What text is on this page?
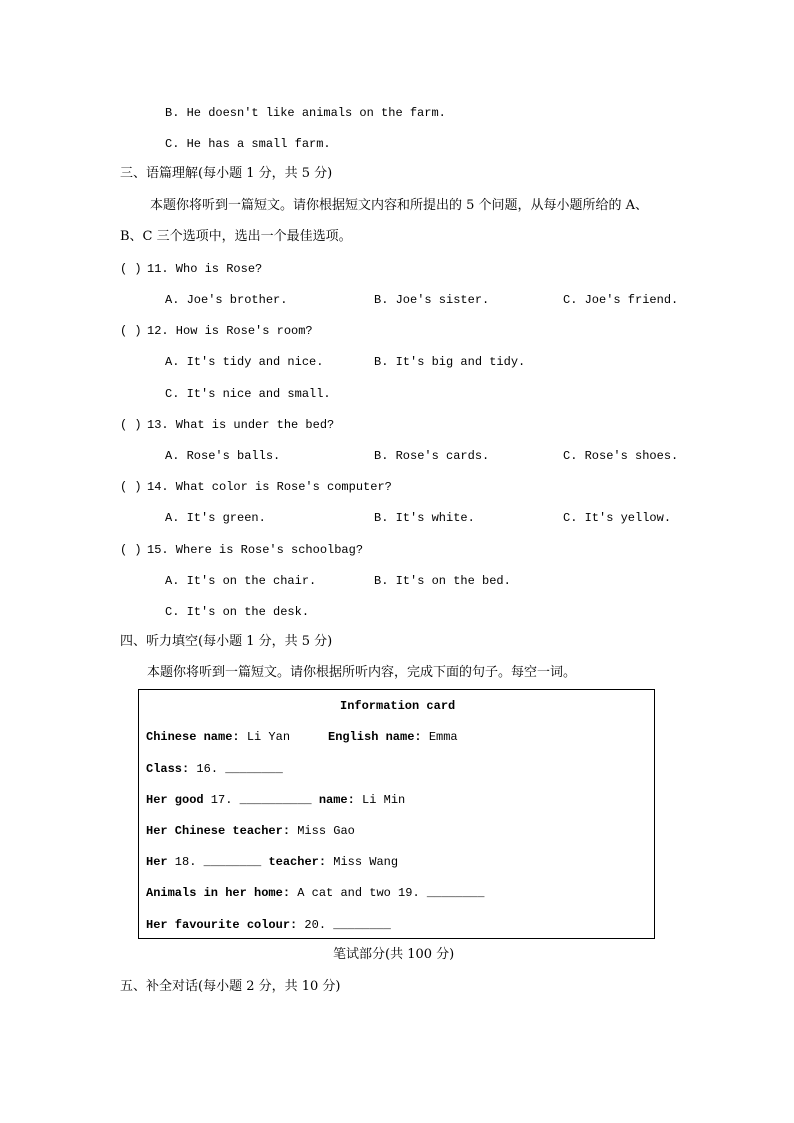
B. He doesn't like animals on the farm.
C. He has a small farm.
三、语篇理解(每小题 1 分，共 5 分)
本题你将听到一篇短文。请你根据短文内容和所提出的 5 个问题，从每小题所给的 A、
B、C 三个选项中，选出一个最佳选项。
( ) 11. Who is Rose?
A. Joe's brother.	B. Joe's sister.	C. Joe's friend.
( ) 12. How is Rose's room?
A. It's tidy and nice.	B. It's big and tidy.
C. It's nice and small.
( ) 13. What is under the bed?
A. Rose's balls.	B. Rose's cards.	C. Rose's shoes.
( ) 14. What color is Rose's computer?
A. It's green.	B. It's white.	C. It's yellow.
( ) 15. Where is Rose's schoolbag?
A. It's on the chair.	B. It's on the bed.
C. It's on the desk.
四、听力填空(每小题 1 分，共 5 分)
本题你将听到一篇短文。请你根据所听内容，完成下面的句子。每空一词。
Information card
Chinese name: Li Yan	English name: Emma
Class: 16. ________
Her good 17. __________ name: Li Min
Her Chinese teacher: Miss Gao
Her 18. ________ teacher: Miss Wang
Animals in her home: A cat and two 19. ________
Her favourite colour: 20. ________
笔试部分(共 100 分)
五、补全对话(每小题 2 分，共 10 分)
